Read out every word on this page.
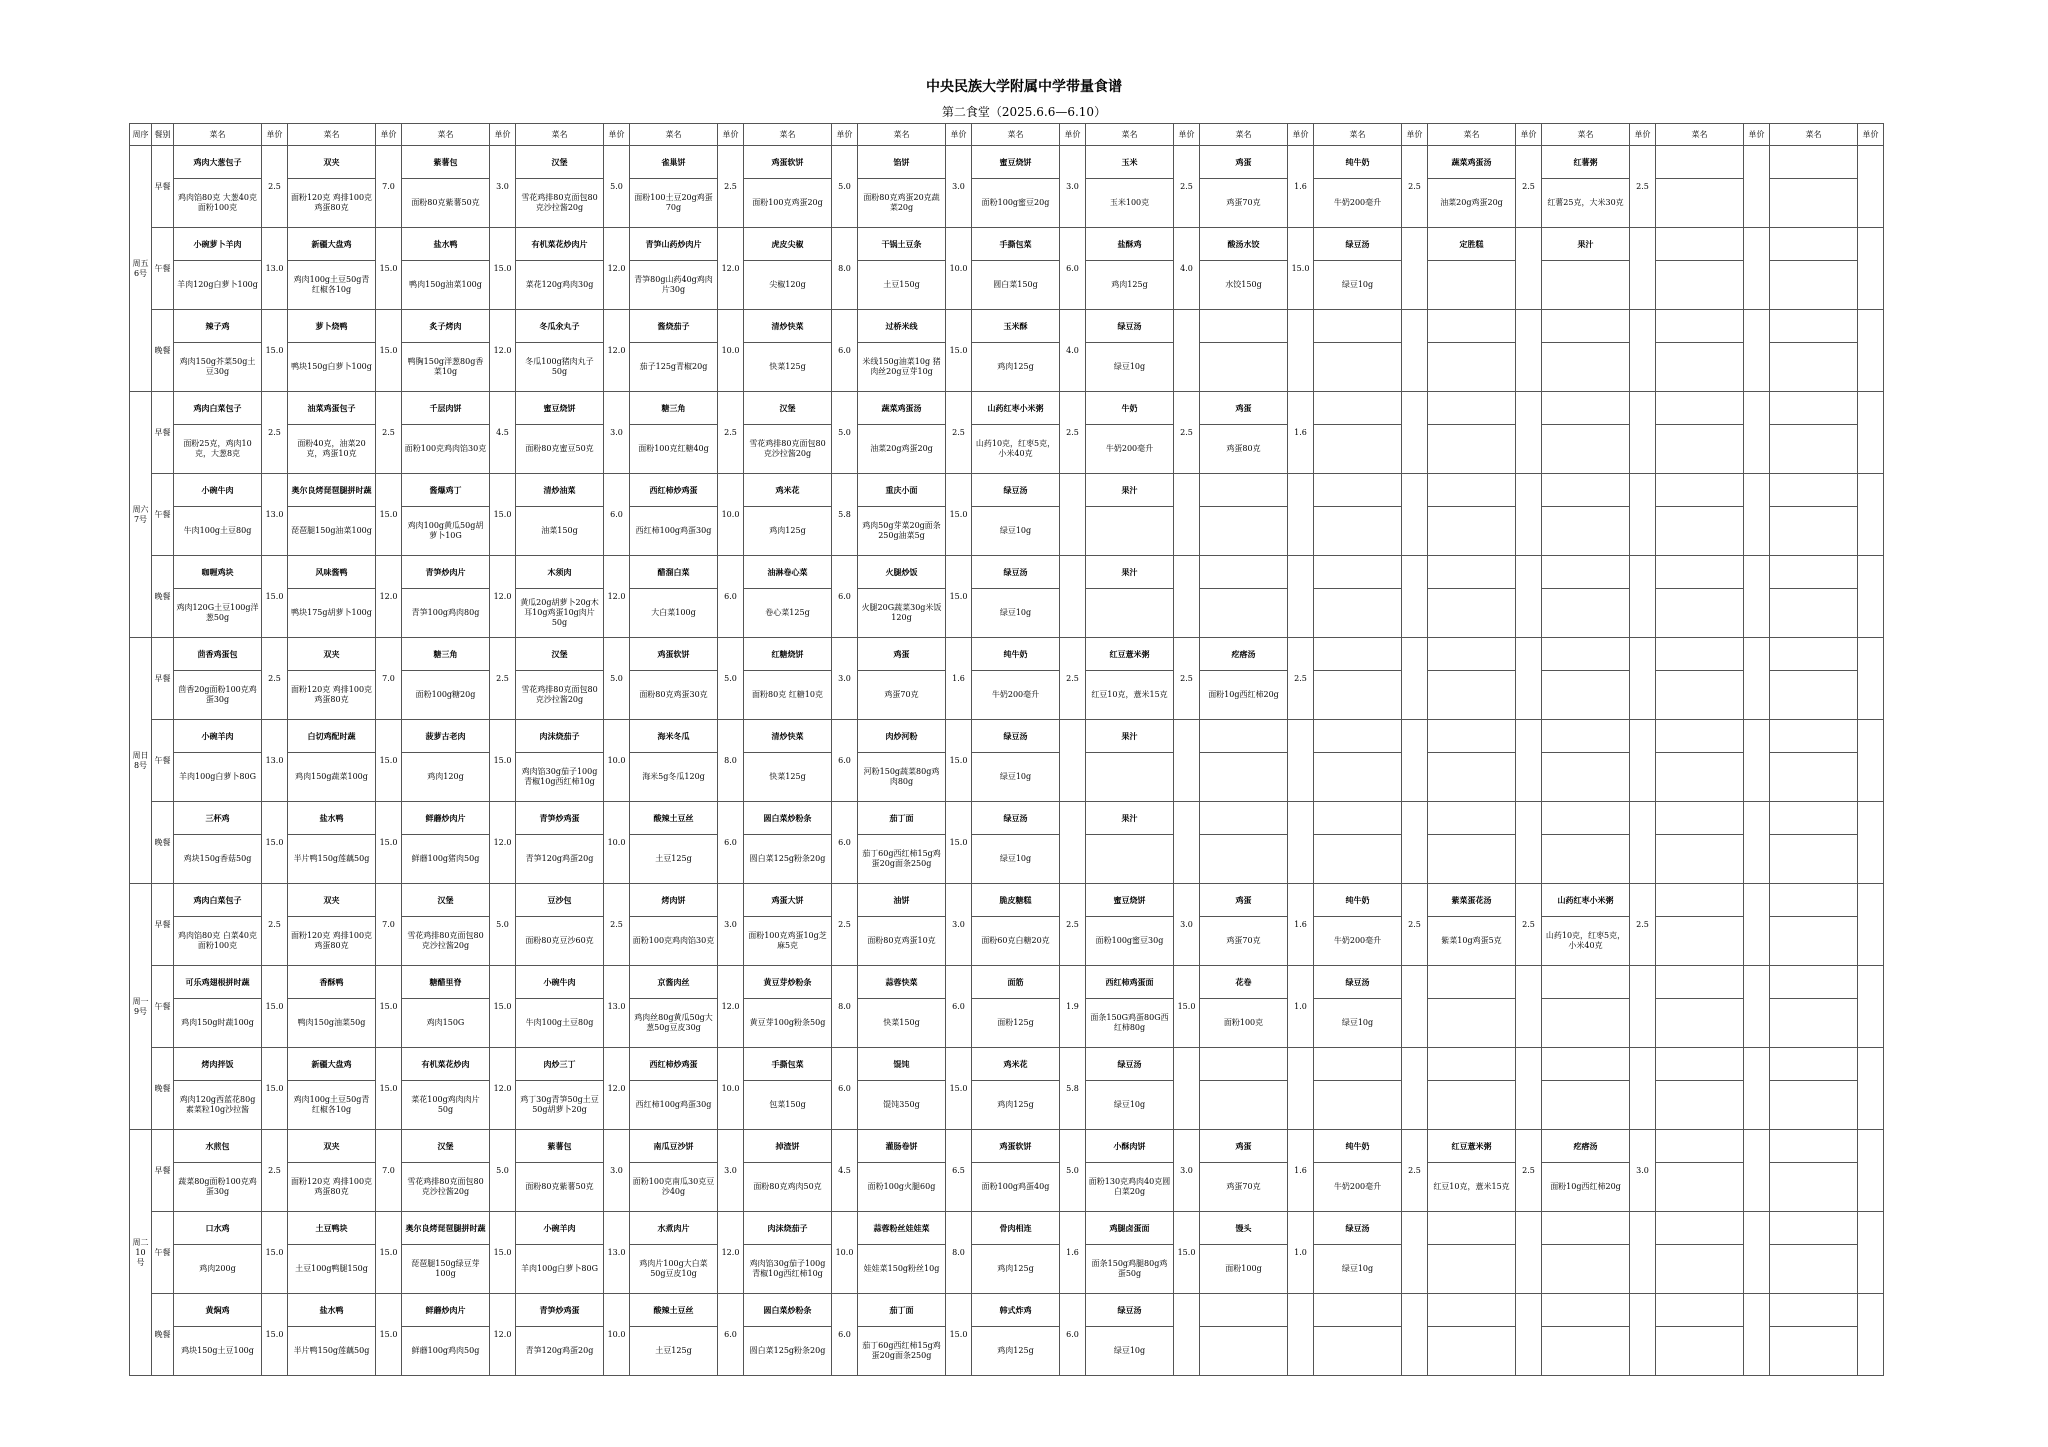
中央民族大学附属中学带量食谱
第二食堂（2025.6.6—6.10）
周序	餐别	菜名	单价	菜名	单价	菜名	单价	菜名	单价	菜名	单价	菜名	单价	菜名	单价	菜名	单价	菜名	单价	菜名	单价	菜名	单价	菜名	单价	菜名	单价	菜名	单价	菜名	单价
周五
6号	早餐	鸡肉大葱包子	2.5	双夹	7.0	紫薯包	3.0	汉堡	5.0	雀巢饼	2.5	鸡蛋软饼	5.0	馅饼	3.0	蜜豆烧饼	3.0	玉米	2.5	鸡蛋	1.6	纯牛奶	2.5	蔬菜鸡蛋汤	2.5	红薯粥	2.5				
		鸡肉馅80克 大葱40克 面粉100克		面粉120克 鸡排100克 鸡蛋80克		面粉80克紫薯50克		雪花鸡排80克面包80克沙拉酱20g		面粉100土豆20g鸡蛋70g		面粉100克鸡蛋20g		面粉80克鸡蛋20克蔬菜20g		面粉100g蜜豆20g		玉米100克		鸡蛋70克		牛奶200毫升		油菜20g鸡蛋20g		红薯25克，大米30克					
	午餐	小碗萝卜羊肉	13.0	新疆大盘鸡	15.0	盐水鸭	15.0	有机菜花炒肉片	12.0	青笋山药炒肉片	12.0	虎皮尖椒	8.0	干锅土豆条	10.0	手撕包菜	6.0	盐酥鸡	4.0	酸汤水饺	15.0	绿豆汤		定胜糕		果汁					
		羊肉120g白萝卜100g		鸡肉100g土豆50g青红椒各10g		鸭肉150g油菜100g		菜花120g鸡肉30g		青笋80g山药40g鸡肉片30g		尖椒120g		土豆150g		圆白菜150g		鸡肉125g		水饺150g		绿豆10g									
	晚餐	辣子鸡	15.0	萝卜烧鸭	15.0	炙子烤肉	12.0	冬瓜氽丸子	12.0	酱烧茄子	10.0	清炒快菜	6.0	过桥米线	15.0	玉米酥	4.0	绿豆汤													
		鸡肉150g芥菜50g土豆30g		鸭块150g白萝卜100g		鸭胸150g洋葱80g香菜10g		冬瓜100g猪肉丸子50g		茄子125g青椒20g		快菜125g		米线150g油菜10g 猪肉丝20g豆芽10g		鸡肉125g		绿豆10g													
周六
7号	早餐	鸡肉白菜包子	2.5	油菜鸡蛋包子	2.5	千层肉饼	4.5	蜜豆烧饼	3.0	糖三角	2.5	汉堡	5.0	蔬菜鸡蛋汤	2.5	山药红枣小米粥	2.5	牛奶	2.5	鸡蛋	1.6										
		面粉25克，鸡肉10克，大葱8克		面粉40克，油菜20克，鸡蛋10克		面粉100克鸡肉馅30克		面粉80克蜜豆50克		面粉100克红糖40g		雪花鸡排80克面包80克沙拉酱20g		油菜20g鸡蛋20g		山药10克，红枣5克，小米40克		牛奶200毫升		鸡蛋80克											
	午餐	小碗牛肉	13.0	奥尔良烤琵琶腿拼时蔬	15.0	酱爆鸡丁	15.0	清炒油菜	6.0	西红柿炒鸡蛋	10.0	鸡米花	5.8	重庆小面	15.0	绿豆汤		果汁													
		牛肉100g土豆80g		琵琶腿150g油菜100g		鸡肉100g黄瓜50g胡萝卜10G		油菜150g		西红柿100g鸡蛋30g		鸡肉125g		鸡肉50g芽菜20g面条250g油菜5g		绿豆10g															
	晚餐	咖喱鸡块	15.0	风味酱鸭	12.0	青笋炒肉片	12.0	木须肉	12.0	醋溜白菜	6.0	油淋卷心菜	6.0	火腿炒饭	15.0	绿豆汤		果汁													
		鸡肉120G土豆100g洋葱50g		鸭块175g胡萝卜100g		青笋100g鸡肉80g		黄瓜20g胡萝卜20g木耳10g鸡蛋10g肉片50g		大白菜100g		卷心菜125g		火腿20G蔬菜30g米饭120g		绿豆10g															
周日
8号	早餐	茴香鸡蛋包	2.5	双夹	7.0	糖三角	2.5	汉堡	5.0	鸡蛋软饼	5.0	红糖烧饼	3.0	鸡蛋	1.6	纯牛奶	2.5	红豆薏米粥	2.5	疙瘩汤	2.5										
		茴香20g面粉100克鸡蛋30g		面粉120克 鸡排100克 鸡蛋80克		面粉100g糖20g		雪花鸡排80克面包80克沙拉酱20g		面粉80克鸡蛋30克		面粉80克 红糖10克		鸡蛋70克		牛奶200毫升		红豆10克，薏米15克		面粉10g西红柿20g											
	午餐	小碗羊肉	13.0	白切鸡配时蔬	15.0	菠萝古老肉	15.0	肉沫烧茄子	10.0	海米冬瓜	8.0	清炒快菜	6.0	肉炒河粉	15.0	绿豆汤		果汁													
		羊肉100g白萝卜80G		鸡肉150g蔬菜100g		鸡肉120g		鸡肉馅30g茄子100g青椒10g西红柿10g		海米5g冬瓜120g		快菜125g		河粉150g蔬菜80g鸡肉80g		绿豆10g															
	晚餐	三杯鸡	15.0	盐水鸭	15.0	鲜蘑炒肉片	12.0	青笋炒鸡蛋	10.0	酸辣土豆丝	6.0	圆白菜炒粉条	6.0	茄丁面	15.0	绿豆汤		果汁													
		鸡块150g香菇50g		半片鸭150g莲藕50g		鲜蘑100g猪肉50g		青笋120g鸡蛋20g		土豆125g		圆白菜125g粉条20g		茄丁60g西红柿15g鸡蛋20g面条250g		绿豆10g															
周一
9号	早餐	鸡肉白菜包子	2.5	双夹	7.0	汉堡	5.0	豆沙包	2.5	烤肉饼	3.0	鸡蛋大饼	2.5	油饼	3.0	脆皮糖糕	2.5	蜜豆烧饼	3.0	鸡蛋	1.6	纯牛奶	2.5	紫菜蛋花汤	2.5	山药红枣小米粥	2.5				
		鸡肉馅80克 白菜40克 面粉100克		面粉120克 鸡排100克 鸡蛋80克		雪花鸡排80克面包80克沙拉酱20g		面粉80克豆沙60克		面粉100克鸡肉馅30克		面粉100克鸡蛋10g芝麻5克		面粉80克鸡蛋10克		面粉60克白糖20克		面粉100g蜜豆30g		鸡蛋70克		牛奶200毫升		紫菜10g鸡蛋5克		山药10克，红枣5克，小米40克					
	午餐	可乐鸡翅根拼时蔬	15.0	香酥鸭	15.0	糖醋里脊	15.0	小碗牛肉	13.0	京酱肉丝	12.0	黄豆芽炒粉条	8.0	蒜蓉快菜	6.0	面筋	1.9	西红柿鸡蛋面	15.0	花卷	1.0	绿豆汤									
		鸡肉150g时蔬100g		鸭肉150g油菜50g		鸡肉150G		牛肉100g土豆80g		鸡肉丝80g黄瓜50g大葱50g豆皮30g		黄豆芽100g粉条50g		快菜150g		面粉125g		面条150G鸡蛋80G西红柿80g		面粉100克		绿豆10g									
	晚餐	烤肉拌饭	15.0	新疆大盘鸡	15.0	有机菜花炒肉	12.0	肉炒三丁	12.0	西红柿炒鸡蛋	10.0	手撕包菜	6.0	馄饨	15.0	鸡米花	5.8	绿豆汤													
		鸡肉120g西蓝花80g素菜粒10g沙拉酱		鸡肉100g土豆50g青红椒各10g		菜花100g鸡肉肉片50g		鸡丁30g青笋50g土豆50g胡萝卜20g		西红柿100g鸡蛋30g		包菜150g		馄饨350g		鸡肉125g		绿豆10g													
周二
10号	早餐	水煎包	2.5	双夹	7.0	汉堡	5.0	紫薯包	3.0	南瓜豆沙饼	3.0	掉渣饼	4.5	灌肠卷饼	6.5	鸡蛋软饼	5.0	小酥肉饼	3.0	鸡蛋	1.6	纯牛奶	2.5	红豆薏米粥	2.5	疙瘩汤	3.0				
		蔬菜80g面粉100克鸡蛋30g		面粉120克 鸡排100克 鸡蛋80克		雪花鸡排80克面包80克沙拉酱20g		面粉80克紫薯50克		面粉100克南瓜30克豆沙40g		面粉80克鸡肉50克		面粉100g火腿60g		面粉100g鸡蛋40g		面粉130克鸡肉40克圆白菜20g		鸡蛋70克		牛奶200毫升		红豆10克，薏米15克		面粉10g西红柿20g					
	午餐	口水鸡	15.0	土豆鸭块	15.0	奥尔良烤琵琶腿拼时蔬	15.0	小碗羊肉	13.0	水煮肉片	12.0	肉沫烧茄子	10.0	蒜蓉粉丝娃娃菜	8.0	骨肉相连	1.6	鸡腿卤蛋面	15.0	馒头	1.0	绿豆汤									
		鸡肉200g		土豆100g鸭腿150g		琵琶腿150g绿豆芽100g		羊肉100g白萝卜80G		鸡肉片100g大白菜50g豆皮10g		鸡肉馅30g茄子100g青椒10g西红柿10g		娃娃菜150g粉丝10g		鸡肉125g		面条150g鸡腿80g鸡蛋50g		面粉100g		绿豆10g									
	晚餐	黄焖鸡	15.0	盐水鸭	15.0	鲜蘑炒肉片	12.0	青笋炒鸡蛋	10.0	酸辣土豆丝	6.0	圆白菜炒粉条	6.0	茄丁面	15.0	韩式炸鸡	6.0	绿豆汤													
		鸡块150g土豆100g		半片鸭150g莲藕50g		鲜蘑100g鸡肉50g		青笋120g鸡蛋20g		土豆125g		圆白菜125g粉条20g		茄丁60g西红柿15g鸡蛋20g面条250g		鸡肉125g		绿豆10g													
